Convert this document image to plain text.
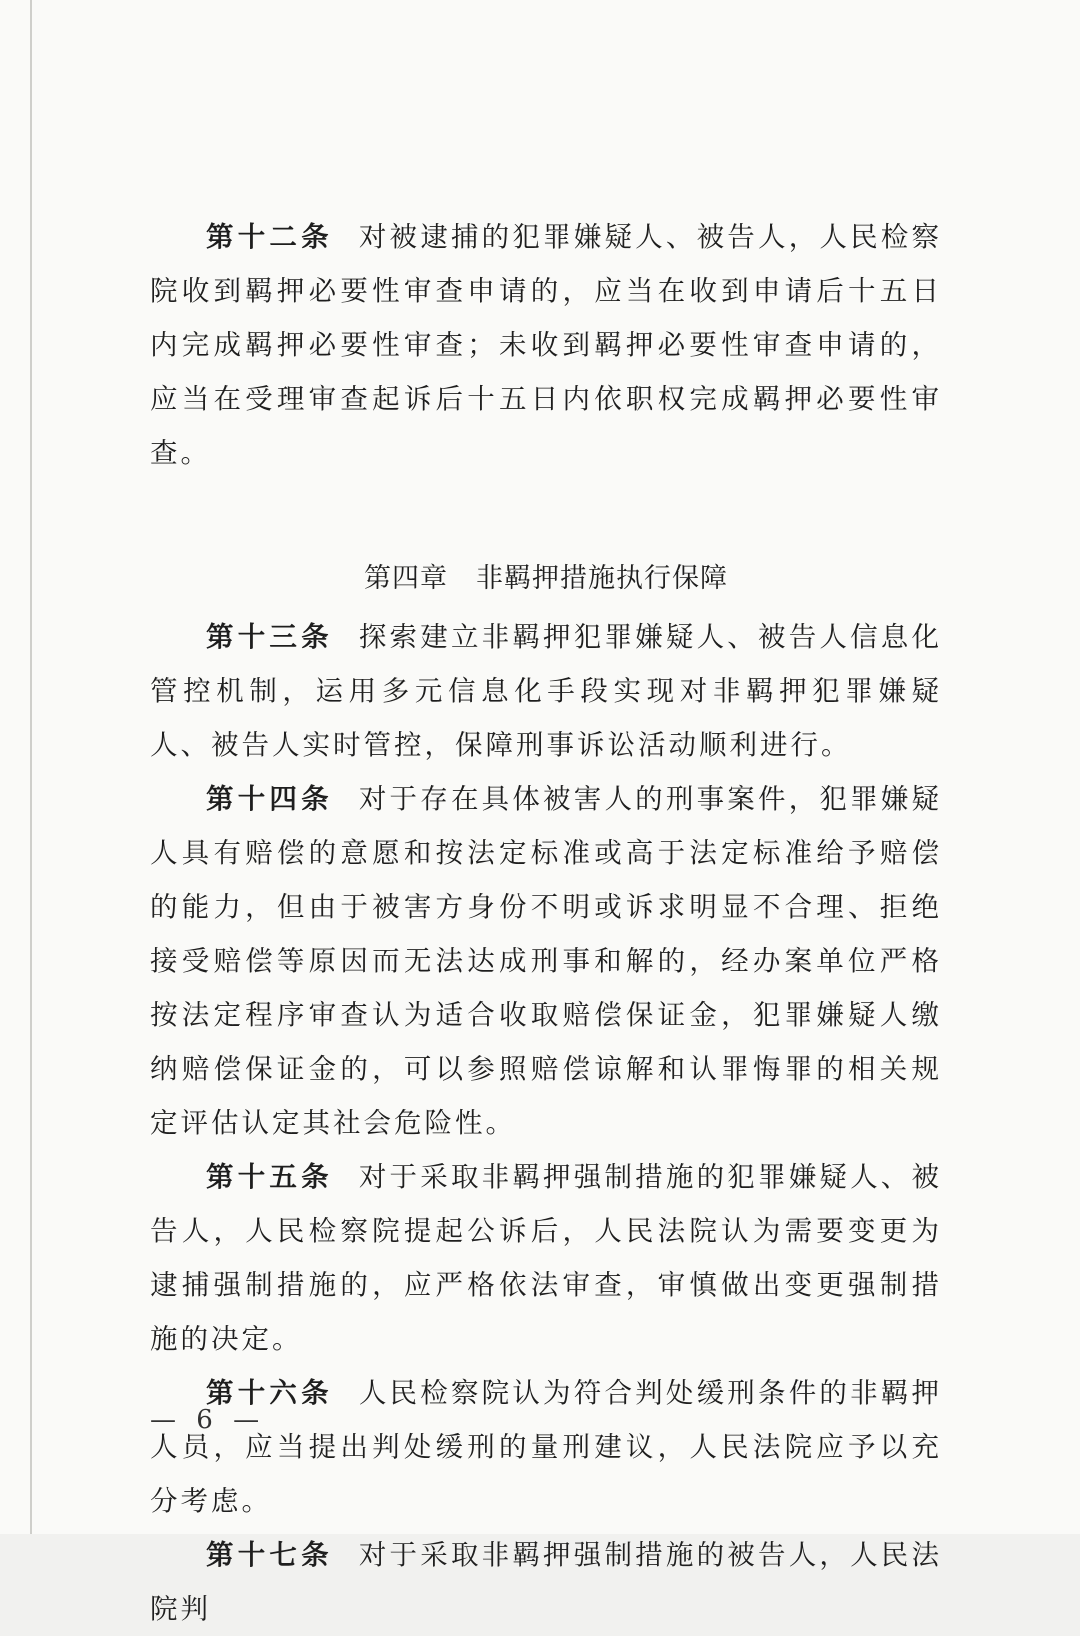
第十二条 对被逮捕的犯罪嫌疑人、被告人，人民检察院收到羁押必要性审查申请的，应当在收到申请后十五日内完成羁押必要性审查；未收到羁押必要性审查申请的，应当在受理审查起诉后十五日内依职权完成羁押必要性审查。

第四章 非羁押措施执行保障

第十三条 探索建立非羁押犯罪嫌疑人、被告人信息化管控机制，运用多元信息化手段实现对非羁押犯罪嫌疑人、被告人实时管控，保障刑事诉讼活动顺利进行。

第十四条 对于存在具体被害人的刑事案件，犯罪嫌疑人具有赔偿的意愿和按法定标准或高于法定标准给予赔偿的能力，但由于被害方身份不明或诉求明显不合理、拒绝接受赔偿等原因而无法达成刑事和解的，经办案单位严格按法定程序审查认为适合收取赔偿保证金，犯罪嫌疑人缴纳赔偿保证金的，可以参照赔偿谅解和认罪悔罪的相关规定评估认定其社会危险性。

第十五条 对于采取非羁押强制措施的犯罪嫌疑人、被告人，人民检察院提起公诉后，人民法院认为需要变更为逮捕强制措施的，应严格依法审查，审慎做出变更强制措施的决定。

第十六条 人民检察院认为符合判处缓刑条件的非羁押人员，应当提出判处缓刑的量刑建议，人民法院应予以充分考虑。

第十七条 对于采取非羁押强制措施的被告人，人民法院判

— 6 —
